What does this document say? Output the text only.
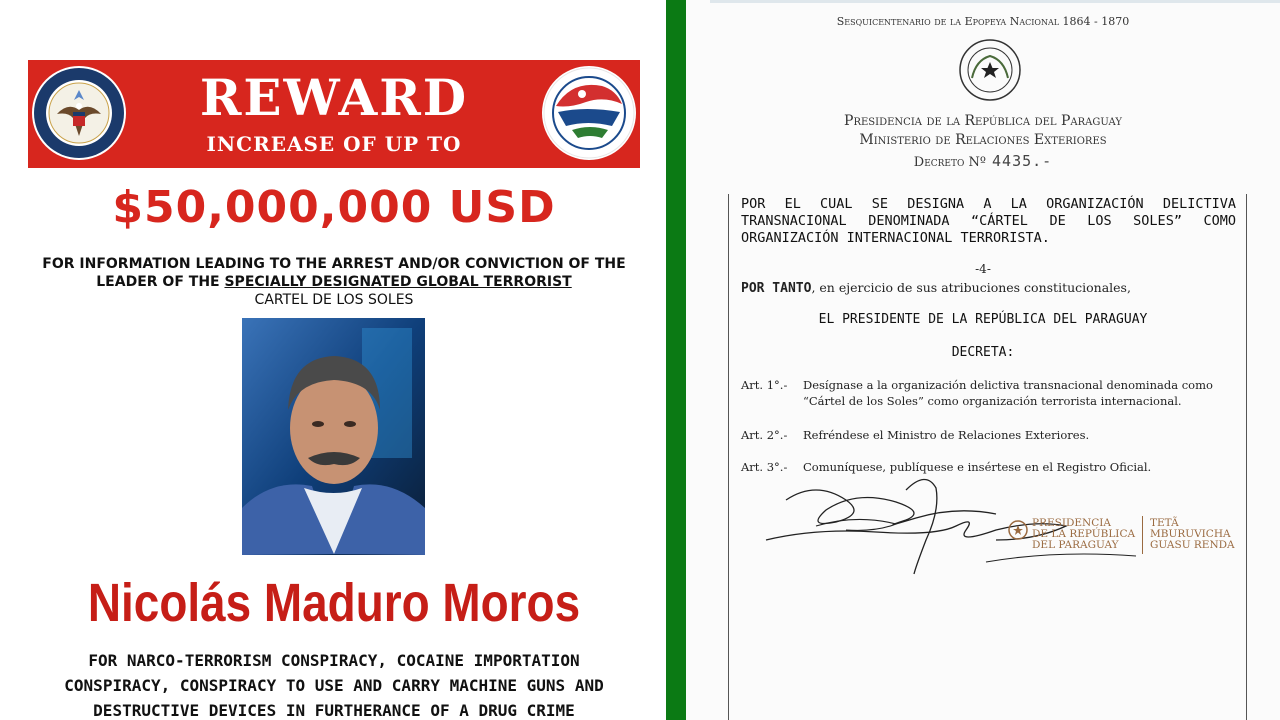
REWARD
INCREASE OF UP TO
$50,000,000 USD
FOR INFORMATION LEADING TO THE ARREST AND/OR CONVICTION OF THE
LEADER OF THE SPECIALLY DESIGNATED GLOBAL TERRORIST
CARTEL DE LOS SOLES
Nicolás Maduro Moros
FOR NARCO-TERRORISM CONSPIRACY, COCAINE IMPORTATION
CONSPIRACY, CONSPIRACY TO USE AND CARRY MACHINE GUNS AND
DESTRUCTIVE DEVICES IN FURTHERANCE OF A DRUG CRIME
Sesquicentenario de la Epopeya Nacional 1864 - 1870
Presidencia de la República del Paraguay
Ministerio de Relaciones Exteriores
Decreto Nº 4435.-
POR EL CUAL SE DESIGNA A LA ORGANIZACIÓN DELICTIVA TRANSNACIONAL DENOMINADA “CÁRTEL DE LOS SOLES” COMO ORGANIZACIÓN INTERNACIONAL TERRORISTA.
-4-
POR TANTO, en ejercicio de sus atribuciones constitucionales,
EL PRESIDENTE DE LA REPÚBLICA DEL PARAGUAY
DECRETA:
Art. 1°.- Desígnase a la organización delictiva transnacional denominada como “Cártel de los Soles” como organización terrorista internacional.
Art. 2°.- Refréndese el Ministro de Relaciones Exteriores.
Art. 3°.- Comuníquese, publíquese e insértese en el Registro Oficial.
PRESIDENCIA
DE LA REPÚBLICA
DEL PARAGUAY
TETÃ
MBURUVICHA
GUASU RENDA
